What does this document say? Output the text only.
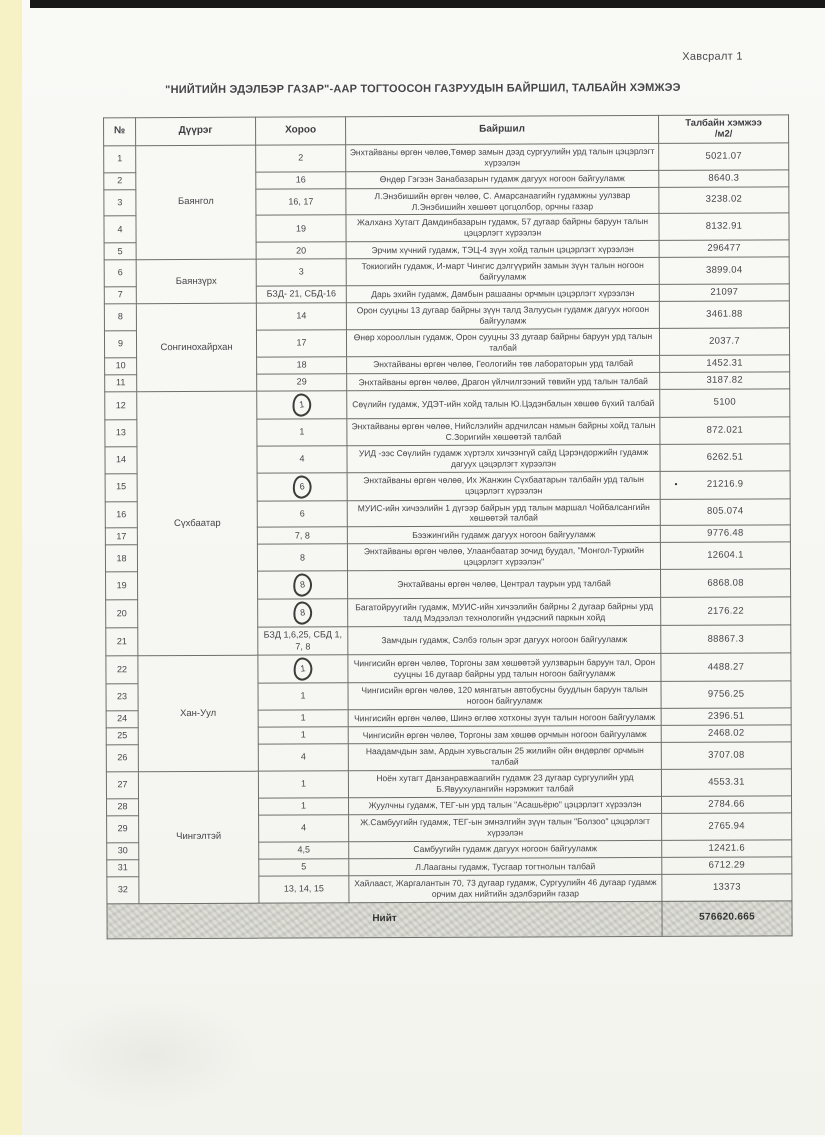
Хавсралт 1
"НИЙТИЙН ЭДЭЛБЭР ГАЗАР"-ААР ТОГТООСОН ГАЗРУУДЫН БАЙРШИЛ, ТАЛБАЙН ХЭМЖЭЭ
№	Дүүрэг	Хороо	Байршил	Талбайн хэмжээ
/м2/

1	Баянгол	2	Энхтайваны өргөн чөлөө,Төмөр замын дээд сургуулийн урд талын цэцэрлэгт хүрээлэн	5021.07
2		16	Өндөр Гэгээн Занабазарын гудамж дагуух ногоон байгууламж	8640.3
3		16, 17	Л.Энэбишийн өргөн чөлөө, С. Амарсанаагийн гудамжны уулзвар Л.Энэбишийн хөшөөт цогцолбор, орчны газар	3238.02
4		19	Жалханз Хутагт Дамдинбазарын гудамж, 57 дугаар байрны баруун талын цэцэрлэгт хүрээлэн	8132.91
5		20	Эрчим хүчний гудамж, ТЭЦ-4 зүүн хойд талын цэцэрлэгт хүрээлэн	296477
6	Баянзүрх	3	Токиогийн гудамж, И-март Чингис дэлгүүрийн замын зүүн талын ногоон байгууламж	3899.04
7		БЗД- 21, СБД-16	Дарь эхийн гудамж, Дамбын рашааны орчмын цэцэрлэгт хүрээлэн	21097
8	Сонгинохайрхан	14	Орон сууцны 13 дугаар байрны зүүн талд Залуусын гудамж дагуух ногоон байгууламж	3461.88
9		17	Өнөр хорооллын гудамж, Орон сууцны 33 дугаар байрны баруун урд талын талбай	2037.7
10		18	Энхтайваны өргөн чөлөө, Геологийн төв лабораторын урд талбай	1452.31
11		29	Энхтайваны өргөн чөлөө, Драгон үйлчилгээний төвийн урд талын талбай	3187.82
12	Сүхбаатар	1	Сөүлийн гудамж, УДЭТ-ийн хойд талын Ю.Цэдэнбалын хөшөө бүхий талбай	5100
13		1	Энхтайваны өргөн чөлөө, Нийслэлийн ардчилсан намын байрны хойд талын С.Зоригийн хөшөөтэй талбай	872.021
14		4	УИД -ээс Сөүлийн гудамж хүртэлх хичээнгүй сайд Цэрэндоржийн гудамж дагуух цэцэрлэгт хүрээлэн	6262.51
15		6	Энхтайваны өргөн чөлөө, Их Жанжин Сүхбаатарын талбайн урд талын цэцэрлэгт хүрээлэн	• 21216.9
16		6	МУИС-ийн хичээлийн 1 дүгээр байрын урд талын маршал Чойбалсангийн хөшөөтэй талбай	805.074
17		7, 8	Бээжингийн гудамж дагуух ногоон байгууламж	9776.48
18		8	Энхтайваны өргөн чөлөө, Улаанбаатар зочид буудал, "Монгол-Туркийн цэцэрлэгт хүрээлэн"	12604.1
19		8	Энхтайваны өргөн чөлөө, Централ таурын урд талбай	6868.08
20		8	Багатойруугийн гудамж, МУИС-ийн хичээлийн байрны 2 дугаар байрны урд талд Мэдээлэл технологийн үндэсний паркын хойд	2176.22
21		БЗД 1,6,25, СБД 1, 7, 8	Замчдын гудамж, Сэлбэ голын эрэг дагуух ногоон байгууламж	88867.3
22	Хан-Уул	1	Чингисийн өргөн чөлөө, Торгоны зам хөшөөтэй уулзварын баруун тал, Орон сууцны 16 дугаар байрны урд талын ногоон байгууламж	4488.27
23		1	Чингисийн өргөн чөлөө, 120 мянгатын автобусны буудлын баруун талын ногоон байгууламж	9756.25
24		1	Чингисийн өргөн чөлөө, Шинэ өглөө хотхоны зүүн талын ногоон байгууламж	2396.51
25		1	Чингисийн өргөн чөлөө, Торгоны зам хөшөө орчмын ногоон байгууламж	2468.02
26		4	Наадамчдын зам, Ардын хувьсгалын 25 жилийн ойн өндөрлөг орчмын талбай	3707.08
27	Чингэлтэй	1	Ноён хутагт Данзанравжаагийн гудамж 23 дугаар сургуулийн урд Б.Явуухулангийн нэрэмжит талбай	4553.31
28		1	Жуулчны гудамж, ТЕГ-ын урд талын "Асашьёрю" цэцэрлэгт хүрээлэн	2784.66
29		4	Ж.Самбуугийн гудамж, ТЕГ-ын эмнэлгийн зүүн талын "Болзоо" цэцэрлэгт хүрээлэн	2765.94
30		4,5	Самбуугийн гудамж дагуух ногоон байгууламж	12421.6
31		5	Л.Лааганы гудамж, Тусгаар тогтнолын талбай	6712.29
32		13, 14, 15	Хайлааст, Жаргалантын 70, 73 дугаар гудамж, Сургуулийн 46 дугаар гудамж орчим дах нийтийн эдэлбэрийн газар	13373
Нийт				576620.665
